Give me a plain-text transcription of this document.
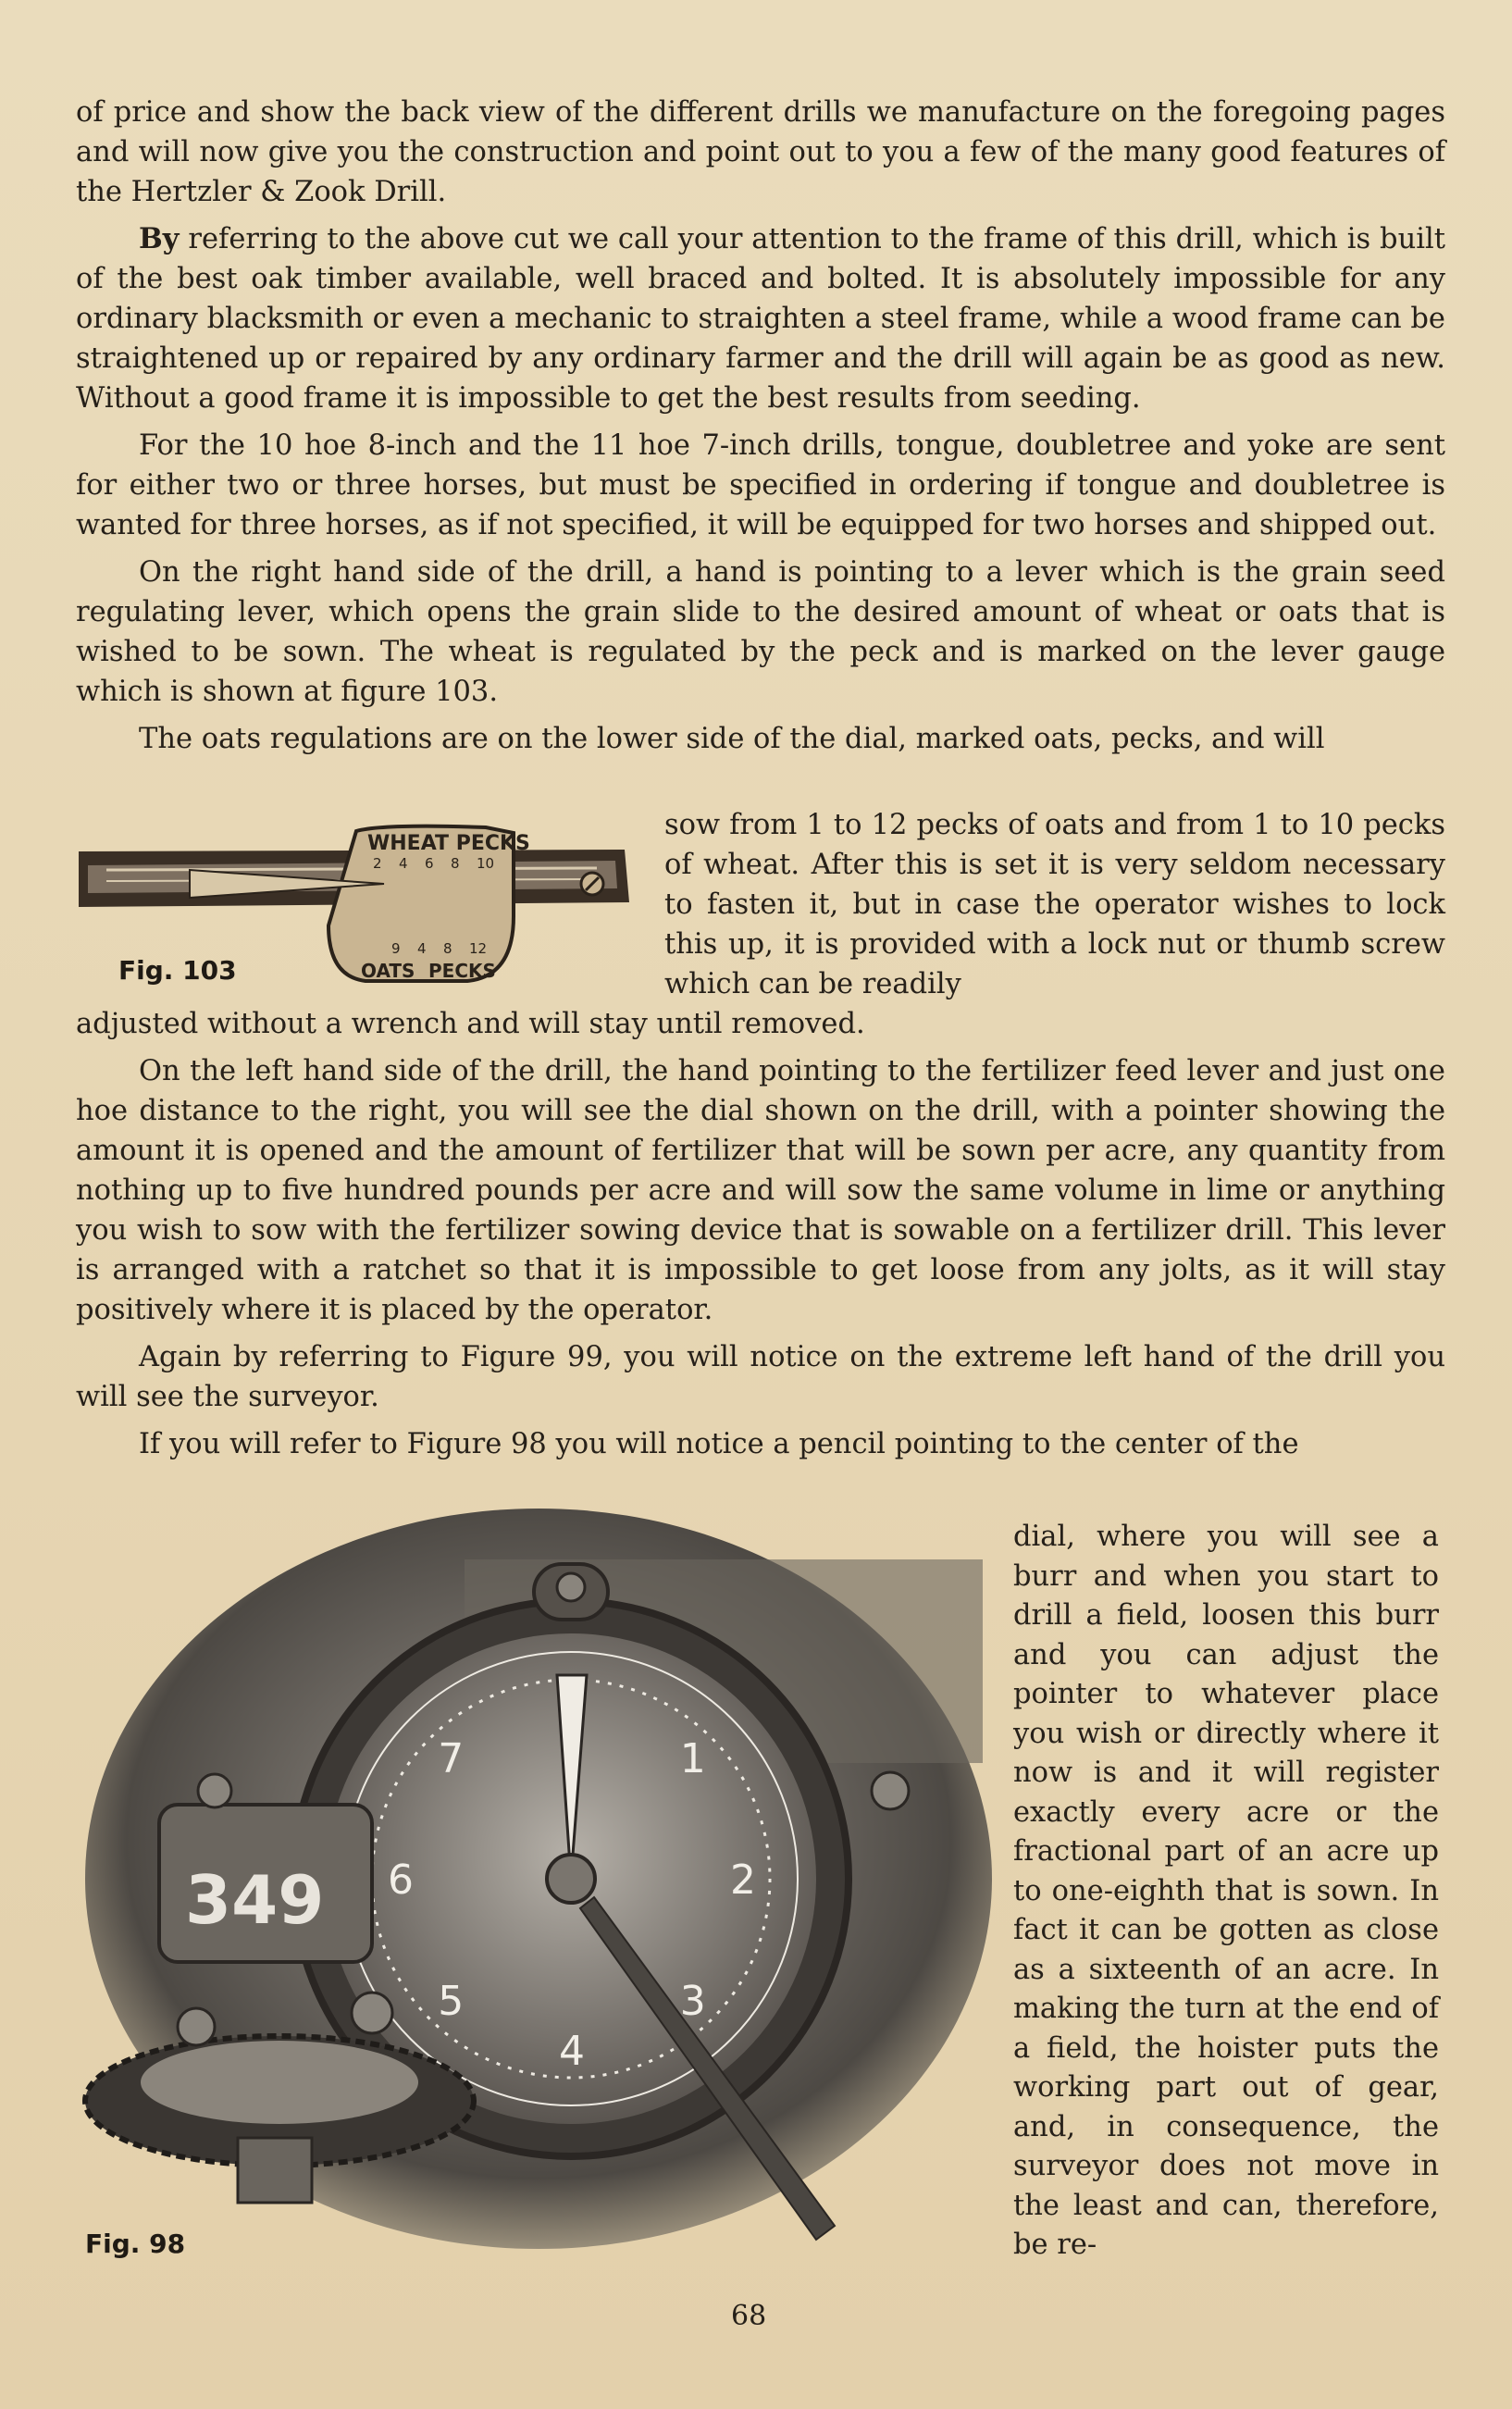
of price and show the back view of the different drills we manufacture on the foregoing pages and will now give you the construction and point out to you a few of the many good features of the Hertzler & Zook Drill.

By referring to the above cut we call your attention to the frame of this drill, which is built of the best oak timber available, well braced and bolted. It is absolutely impossible for any ordinary blacksmith or even a mechanic to straighten a steel frame, while a wood frame can be straightened up or repaired by any ordinary farmer and the drill will again be as good as new. Without a good frame it is impossible to get the best results from seeding.

For the 10 hoe 8-inch and the 11 hoe 7-inch drills, tongue, doubletree and yoke are sent for either two or three horses, but must be specified in ordering if tongue and doubletree is wanted for three horses, as if not specified, it will be equipped for two horses and shipped out.

On the right hand side of the drill, a hand is pointing to a lever which is the grain seed regulating lever, which opens the grain slide to the desired amount of wheat or oats that is wished to be sown. The wheat is regulated by the peck and is marked on the lever gauge which is shown at figure 103.

The oats regulations are on the lower side of the dial, marked oats, pecks, and will

sow from 1 to 12 pecks of oats and from 1 to 10 pecks of wheat. After this is set it is very seldom necessary to fasten it, but in case the operator wishes to lock this up, it is provided with a lock nut or thumb screw which can be readily

WHEAT PECKS
OATS PECKS
2 4 6 8 10
9 4 8 12
Fig. 103

adjusted without a wrench and will stay until removed.

On the left hand side of the drill, the hand pointing to the fertilizer feed lever and just one hoe distance to the right, you will see the dial shown on the drill, with a pointer showing the amount it is opened and the amount of fertilizer that will be sown per acre, any quantity from nothing up to five hundred pounds per acre and will sow the same volume in lime or anything you wish to sow with the fertilizer sowing device that is sowable on a fertilizer drill. This lever is arranged with a ratchet so that it is impossible to get loose from any jolts, as it will stay positively where it is placed by the operator.

Again by referring to Figure 99, you will notice on the extreme left hand of the drill you will see the surveyor.

If you will refer to Figure 98 you will notice a pencil pointing to the center of the

1
2
3
4
5
6
7
349
Fig. 98

dial, where you will see a burr and when you start to drill a field, loosen this burr and you can adjust the pointer to whatever place you wish or directly where it now is and it will register exactly every acre or the fractional part of an acre up to one-eighth that is sown. In fact it can be gotten as close as a sixteenth of an acre. In making the turn at the end of a field, the hoister puts the working part out of gear, and, in consequence, the surveyor does not move in the least and can, therefore, be re-

68
